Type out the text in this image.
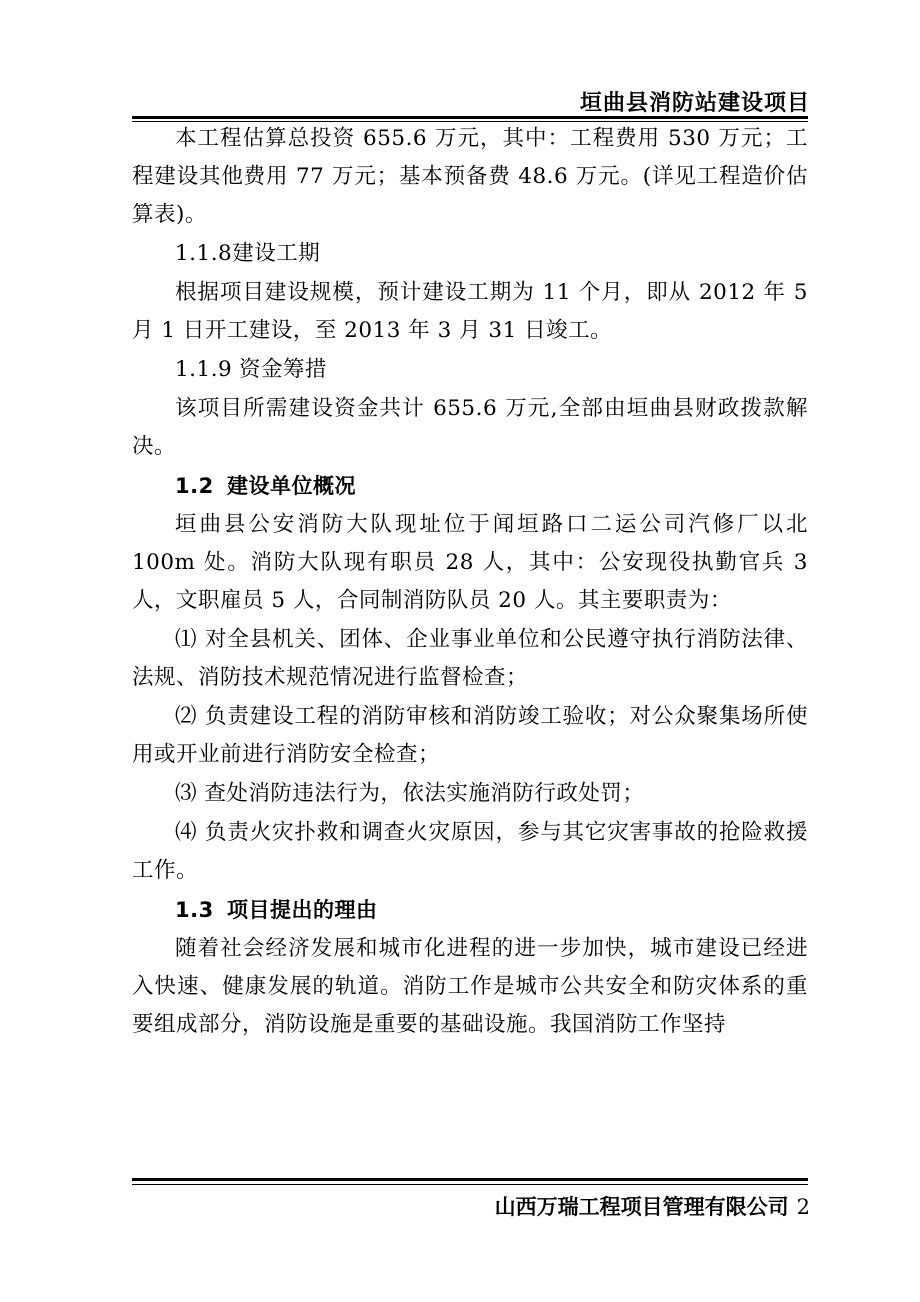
垣曲县消防站建设项目

本工程估算总投资 655.6 万元，其中：工程费用 530 万元；工程建设其他费用 77 万元；基本预备费 48.6 万元。(详见工程造价估算表)。

1.1.8建设工期

根据项目建设规模，预计建设工期为 11 个月，即从 2012 年 5 月 1 日开工建设，至 2013 年 3 月 31 日竣工。

1.1.9 资金筹措

该项目所需建设资金共计 655.6 万元,全部由垣曲县财政拨款解决。

1.2 建设单位概况

垣曲县公安消防大队现址位于闻垣路口二运公司汽修厂以北 100m 处。消防大队现有职员 28 人，其中：公安现役执勤官兵 3 人，文职雇员 5 人，合同制消防队员 20 人。其主要职责为：

⑴ 对全县机关、团体、企业事业单位和公民遵守执行消防法律、法规、消防技术规范情况进行监督检查；

⑵ 负责建设工程的消防审核和消防竣工验收；对公众聚集场所使用或开业前进行消防安全检查；

⑶ 查处消防违法行为，依法实施消防行政处罚；

⑷ 负责火灾扑救和调查火灾原因，参与其它灾害事故的抢险救援工作。

1.3 项目提出的理由

随着社会经济发展和城市化进程的进一步加快，城市建设已经进入快速、健康发展的轨道。消防工作是城市公共安全和防灾体系的重要组成部分，消防设施是重要的基础设施。我国消防工作坚持

山西万瑞工程项目管理有限公司 2
